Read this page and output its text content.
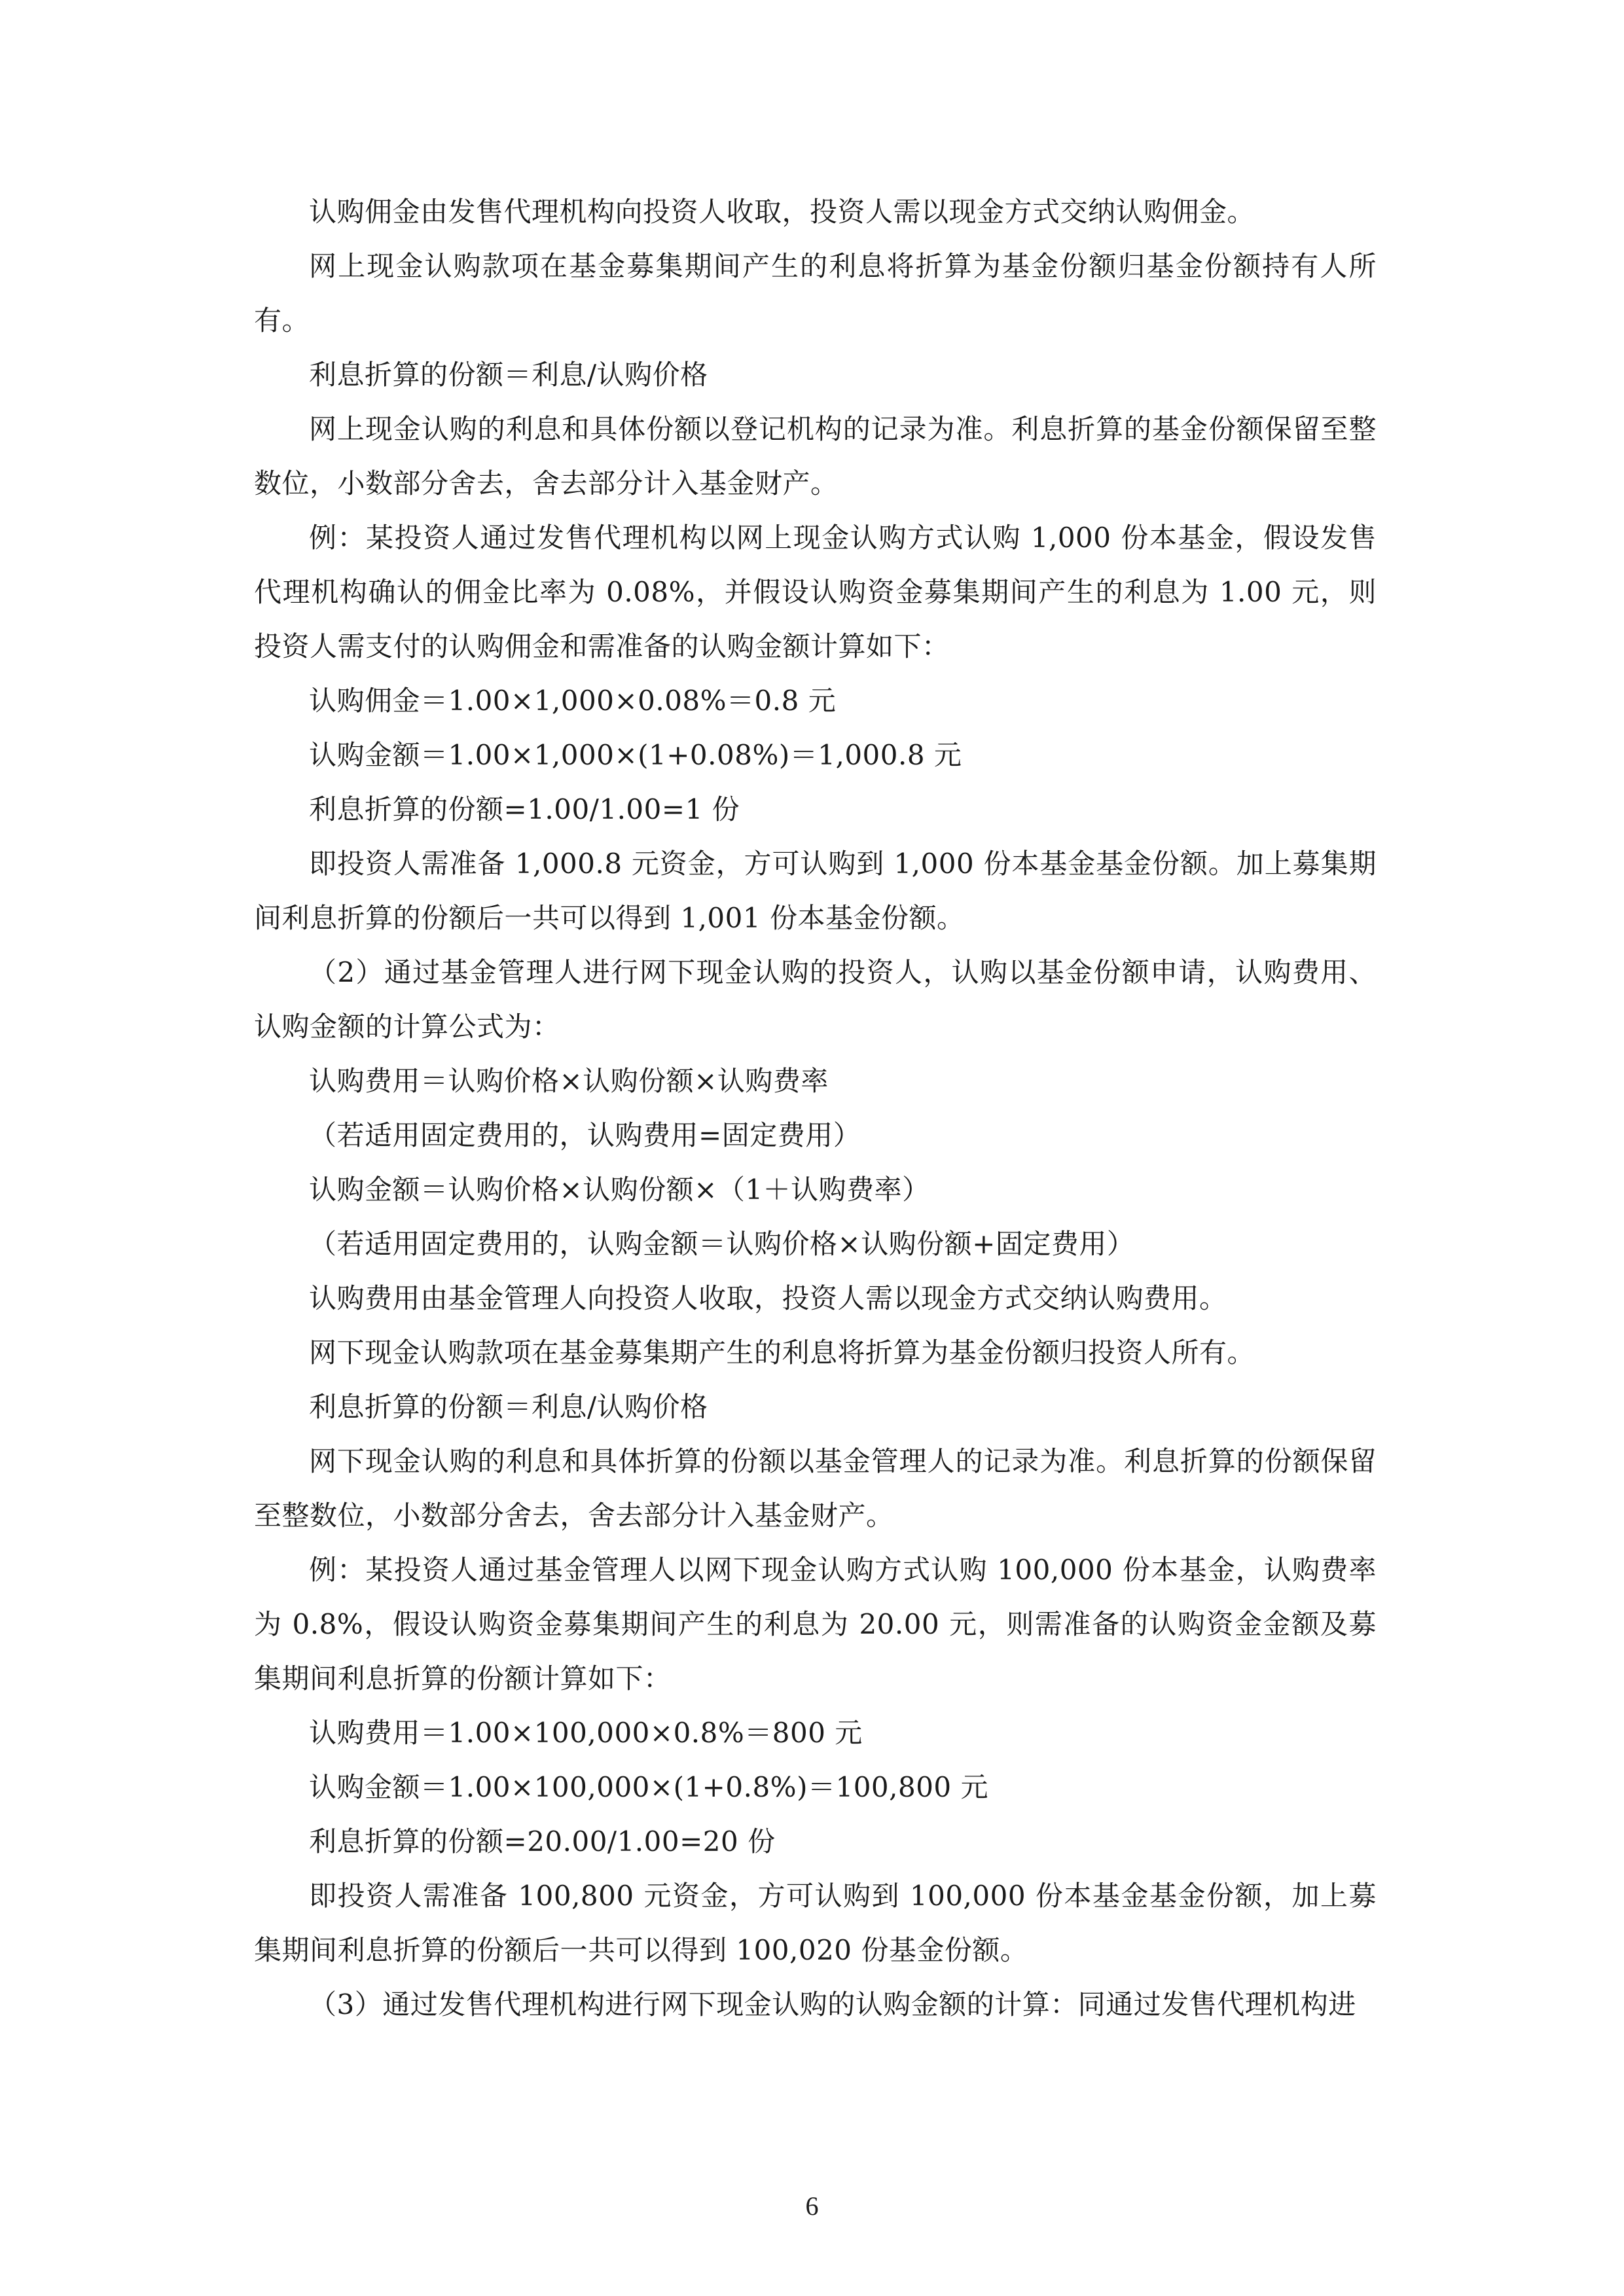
认购佣金由发售代理机构向投资人收取，投资人需以现金方式交纳认购佣金。

网上现金认购款项在基金募集期间产生的利息将折算为基金份额归基金份额持有人所有。

利息折算的份额＝利息/认购价格

网上现金认购的利息和具体份额以登记机构的记录为准。利息折算的基金份额保留至整数位，小数部分舍去，舍去部分计入基金财产。

例：某投资人通过发售代理机构以网上现金认购方式认购 1,000 份本基金，假设发售代理机构确认的佣金比率为 0.08%，并假设认购资金募集期间产生的利息为 1.00 元，则投资人需支付的认购佣金和需准备的认购金额计算如下：

认购佣金＝1.00×1,000×0.08%＝0.8 元

认购金额＝1.00×1,000×(1+0.08%)＝1,000.8 元

利息折算的份额=1.00/1.00=1 份

即投资人需准备 1,000.8 元资金，方可认购到 1,000 份本基金基金份额。加上募集期间利息折算的份额后一共可以得到 1,001 份本基金份额。

（2）通过基金管理人进行网下现金认购的投资人，认购以基金份额申请，认购费用、认购金额的计算公式为：

认购费用＝认购价格×认购份额×认购费率

（若适用固定费用的，认购费用=固定费用）

认购金额＝认购价格×认购份额×（1＋认购费率）

（若适用固定费用的，认购金额＝认购价格×认购份额+固定费用）

认购费用由基金管理人向投资人收取，投资人需以现金方式交纳认购费用。

网下现金认购款项在基金募集期产生的利息将折算为基金份额归投资人所有。

利息折算的份额＝利息/认购价格

网下现金认购的利息和具体折算的份额以基金管理人的记录为准。利息折算的份额保留至整数位，小数部分舍去，舍去部分计入基金财产。

例：某投资人通过基金管理人以网下现金认购方式认购 100,000 份本基金，认购费率为 0.8%，假设认购资金募集期间产生的利息为 20.00 元，则需准备的认购资金金额及募集期间利息折算的份额计算如下：

认购费用＝1.00×100,000×0.8%＝800 元

认购金额＝1.00×100,000×(1+0.8%)＝100,800 元

利息折算的份额=20.00/1.00=20 份

即投资人需准备 100,800 元资金，方可认购到 100,000 份本基金基金份额，加上募集期间利息折算的份额后一共可以得到 100,020 份基金份额。

（3）通过发售代理机构进行网下现金认购的认购金额的计算：同通过发售代理机构进

6
